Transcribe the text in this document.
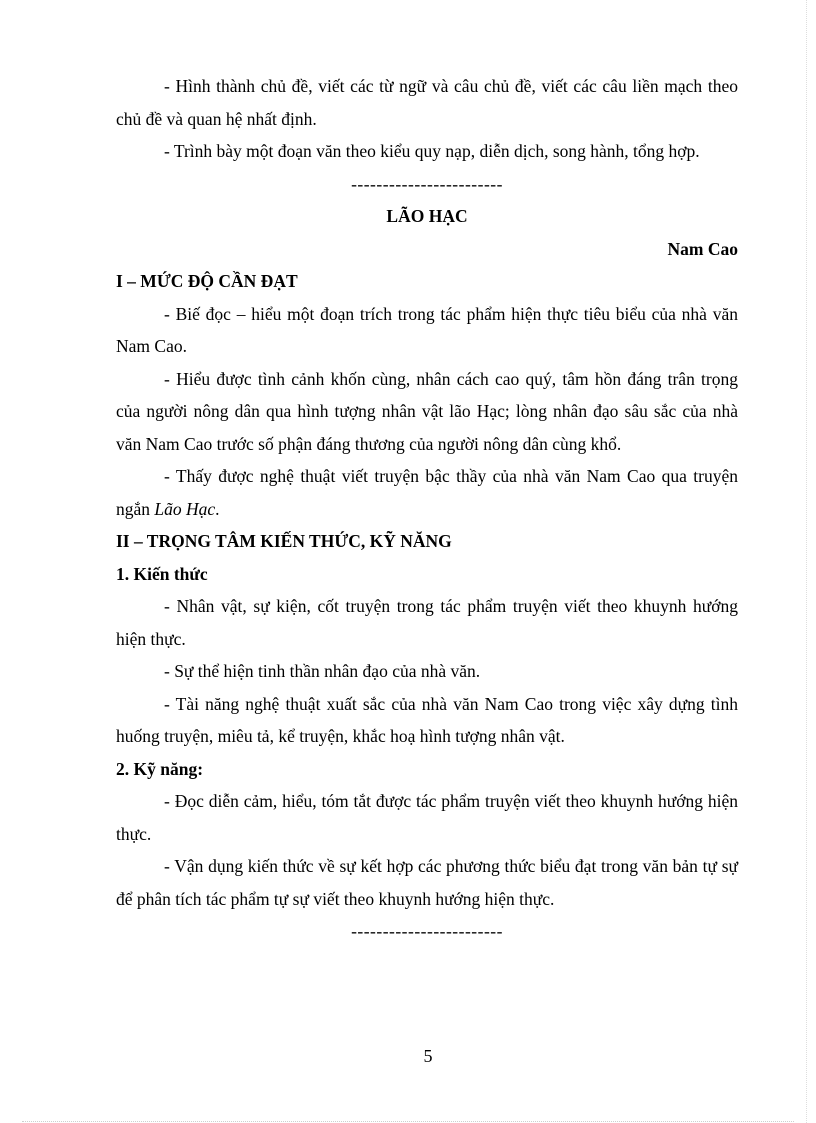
- Hình thành chủ đề, viết các từ ngữ và câu chủ đề, viết các câu liền mạch theo chủ đề và quan hệ nhất định.

- Trình bày một đoạn văn theo kiểu quy nạp, diễn dịch, song hành, tổng hợp.

------------------------

LÃO HẠC

Nam Cao

I – MỨC ĐỘ CẦN ĐẠT

- Biế đọc – hiểu một đoạn trích trong tác phẩm hiện thực tiêu biểu của nhà văn Nam Cao.

- Hiểu được tình cảnh khốn cùng, nhân cách cao quý, tâm hồn đáng trân trọng của người nông dân qua hình tượng nhân vật lão Hạc; lòng nhân đạo sâu sắc của nhà văn Nam Cao trước số phận đáng thương của người nông dân cùng khổ.

- Thấy được nghệ thuật viết truyện bậc thầy của nhà văn Nam Cao qua truyện ngắn Lão Hạc.

II – TRỌNG TÂM KIẾN THỨC, KỸ NĂNG

1. Kiến thức

- Nhân vật, sự kiện, cốt truyện trong tác phẩm truyện viết theo khuynh hướng hiện thực.

- Sự thể hiện tinh thần nhân đạo của nhà văn.

- Tài năng nghệ thuật xuất sắc của nhà văn Nam Cao trong việc xây dựng tình huống truyện, miêu tả, kể truyện, khắc hoạ hình tượng nhân vật.

2. Kỹ năng:

- Đọc diễn cảm, hiểu, tóm tắt được tác phẩm truyện viết theo khuynh hướng hiện thực.

- Vận dụng kiến thức về sự kết hợp các phương thức biểu đạt trong văn bản tự sự để phân tích tác phẩm tự sự viết theo khuynh hướng hiện thực.

------------------------

5
